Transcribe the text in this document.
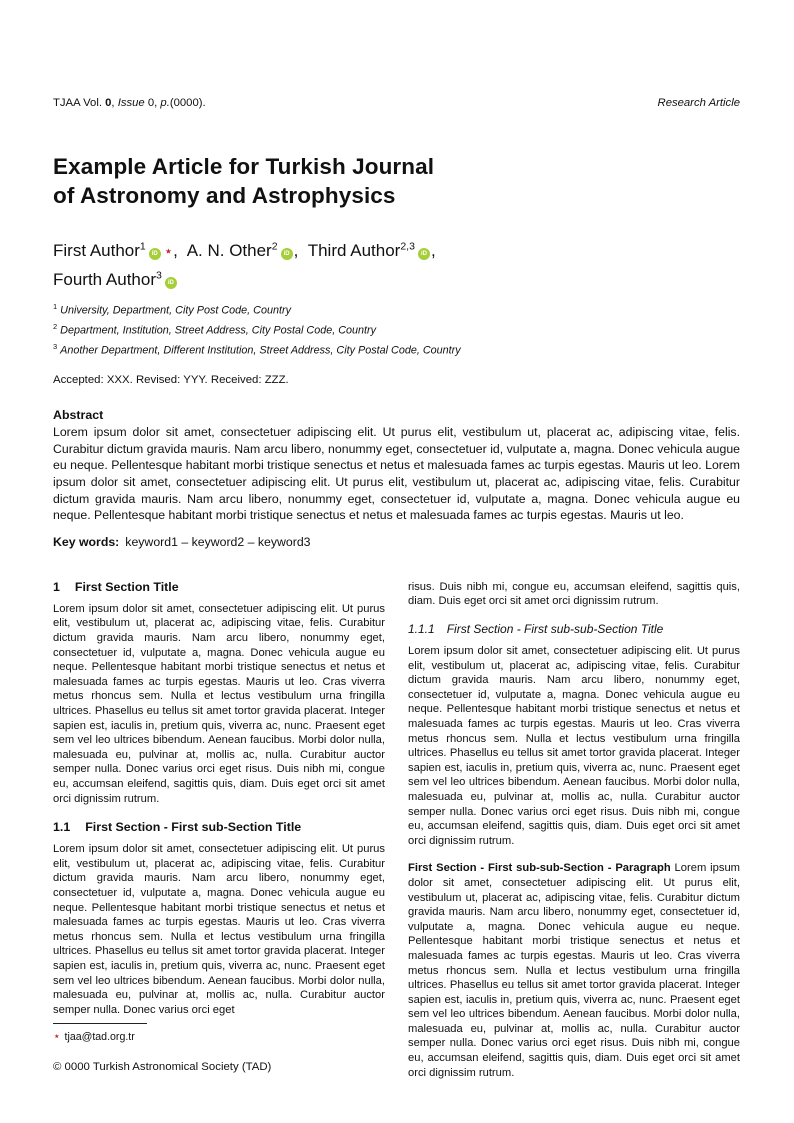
TJAA Vol. 0, Issue 0, p.(0000).	Research Article
Example Article for Turkish Journal
of Astronomy and Astrophysics
First Author$^1$
iD ⋆, A. N. Other$^2$
iD , Third Author$^{2,3}$
iD ,
Fourth Author$^3$
iD
$^1$ University, Department, City Post Code, Country
$^2$ Department, Institution, Street Address, City Postal Code, Country
$^3$ Another Department, Different Institution, Street Address, City Postal Code, Country
Accepted: XXX. Revised: YYY. Received: ZZZ.
Abstract

Lorem ipsum dolor sit amet, consectetuer adipiscing elit. Ut purus elit, vestibulum ut, placerat ac, adipiscing vitae, felis. Curabitur dictum gravida mauris. Nam arcu libero, nonummy eget, consectetuer id, vulputate a, magna. Donec vehicula augue eu neque. Pellentesque habitant morbi tristique senectus et netus et malesuada fames ac turpis egestas. Mauris ut leo. Lorem ipsum dolor sit amet, consectetuer adipiscing elit. Ut purus elit, vestibulum ut, placerat ac, adipiscing vitae, felis. Curabitur dictum gravida mauris. Nam arcu libero, nonummy eget, consectetuer id, vulputate a, magna. Donec vehicula augue eu neque. Pellentesque habitant morbi tristique senectus et netus et malesuada fames ac turpis egestas. Mauris ut leo.

Key words: keyword1 – keyword2 – keyword3
1 First Section Title

Lorem ipsum dolor sit amet, consectetuer adipiscing elit. Ut purus elit, vestibulum ut, placerat ac, adipiscing vitae, felis. Curabitur dictum gravida mauris. Nam arcu libero, nonummy eget, consectetuer id, vulputate a, magna. Donec vehicula augue eu neque. Pellentesque habitant morbi tristique senectus et netus et malesuada fames ac turpis egestas. Mauris ut leo. Cras viverra metus rhoncus sem. Nulla et lectus vestibulum urna fringilla ultrices. Phasellus eu tellus sit amet tortor gravida placerat. Integer sapien est, iaculis in, pretium quis, viverra ac, nunc. Praesent eget sem vel leo ultrices bibendum. Aenean faucibus. Morbi dolor nulla, malesuada eu, pulvinar at, mollis ac, nulla. Curabitur auctor semper nulla. Donec varius orci eget risus. Duis nibh mi, congue eu, accumsan eleifend, sagittis quis, diam. Duis eget orci sit amet orci dignissim rutrum.

1.1 First Section - First sub-Section Title

Lorem ipsum dolor sit amet, consectetuer adipiscing elit. Ut purus elit, vestibulum ut, placerat ac, adipiscing vitae, felis. Curabitur dictum gravida mauris. Nam arcu libero, nonummy eget, consectetuer id, vulputate a, magna. Donec vehicula augue eu neque. Pellentesque habitant morbi tristique senectus et netus et malesuada fames ac turpis egestas. Mauris ut leo. Cras viverra metus rhoncus sem. Nulla et lectus vestibulum urna fringilla ultrices. Phasellus eu tellus sit amet tortor gravida placerat. Integer sapien est, iaculis in, pretium quis, viverra ac, nunc. Praesent eget sem vel leo ultrices bibendum. Aenean faucibus. Morbi dolor nulla, malesuada eu, pulvinar at, mollis ac, nulla. Curabitur auctor semper nulla. Donec varius orci eget

risus. Duis nibh mi, congue eu, accumsan eleifend, sagittis quis, diam. Duis eget orci sit amet orci dignissim rutrum.

1.1.1 First Section - First sub-sub-Section Title

Lorem ipsum dolor sit amet, consectetuer adipiscing elit. Ut purus elit, vestibulum ut, placerat ac, adipiscing vitae, felis. Curabitur dictum gravida mauris. Nam arcu libero, nonummy eget, consectetuer id, vulputate a, magna. Donec vehicula augue eu neque. Pellentesque habitant morbi tristique senectus et netus et malesuada fames ac turpis egestas. Mauris ut leo. Cras viverra metus rhoncus sem. Nulla et lectus vestibulum urna fringilla ultrices. Phasellus eu tellus sit amet tortor gravida placerat. Integer sapien est, iaculis in, pretium quis, viverra ac, nunc. Praesent eget sem vel leo ultrices bibendum. Aenean faucibus. Morbi dolor nulla, malesuada eu, pulvinar at, mollis ac, nulla. Curabitur auctor semper nulla. Donec varius orci eget risus. Duis nibh mi, congue eu, accumsan eleifend, sagittis quis, diam. Duis eget orci sit amet orci dignissim rutrum.

First Section - First sub-sub-Section - Paragraph Lorem ipsum dolor sit amet, consectetuer adipiscing elit. Ut purus elit, vestibulum ut, placerat ac, adipiscing vitae, felis. Curabitur dictum gravida mauris. Nam arcu libero, nonummy eget, consectetuer id, vulputate a, magna. Donec vehicula augue eu neque. Pellentesque habitant morbi tristique senectus et netus et malesuada fames ac turpis egestas. Mauris ut leo. Cras viverra metus rhoncus sem. Nulla et lectus vestibulum urna fringilla ultrices. Phasellus eu tellus sit amet tortor gravida placerat. Integer sapien est, iaculis in, pretium quis, viverra ac, nunc. Praesent eget sem vel leo ultrices bibendum. Aenean faucibus. Morbi dolor nulla, malesuada eu, pulvinar at, mollis ac, nulla. Curabitur auctor semper nulla. Donec varius orci eget risus. Duis nibh mi, congue eu, accumsan eleifend, sagittis quis, diam. Duis eget orci sit amet orci dignissim rutrum.

⋆ tjaa@tad.org.tr
© 0000 Turkish Astronomical Society (TAD)
